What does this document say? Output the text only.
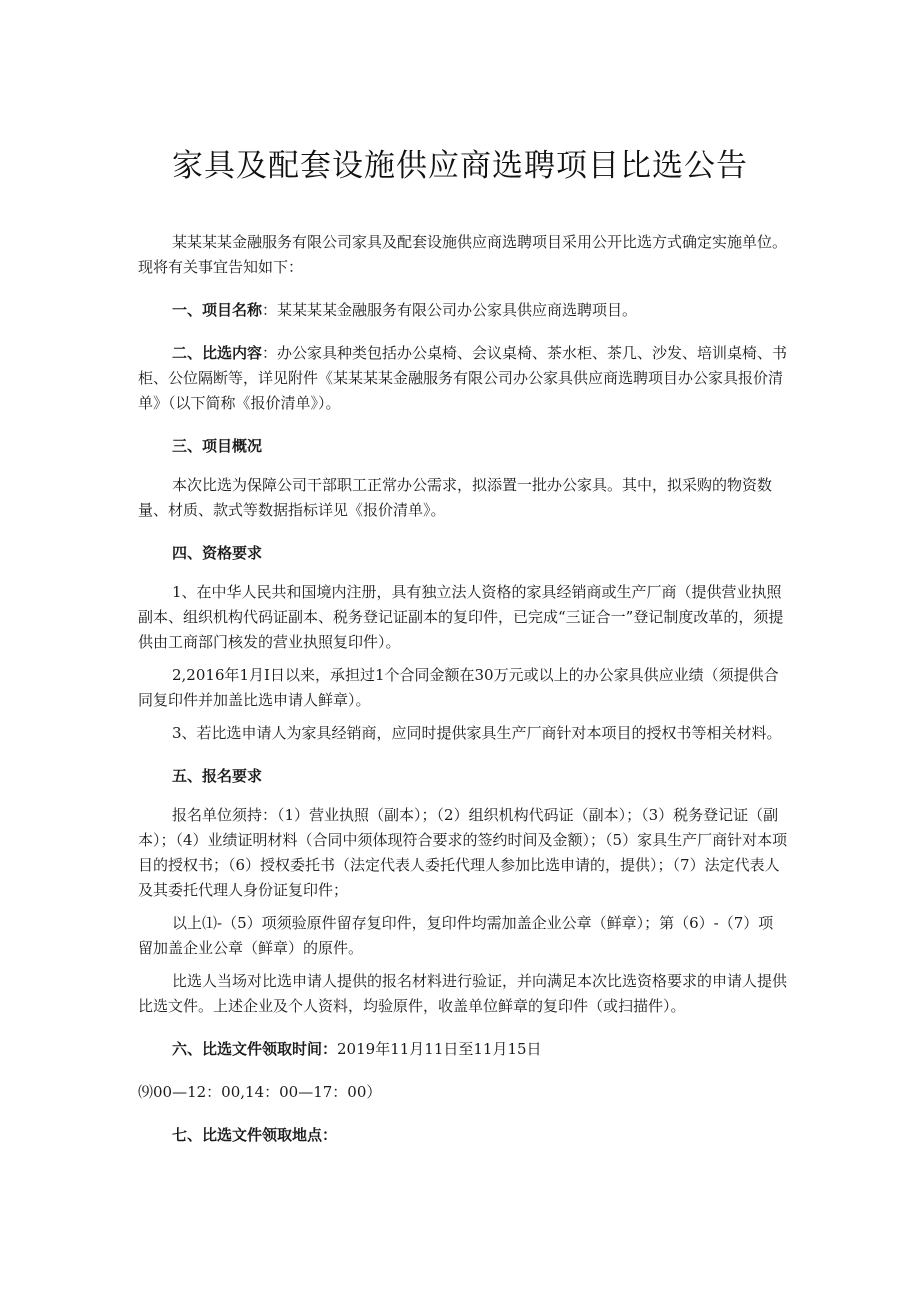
家具及配套设施供应商选聘项目比选公告

某某某某金融服务有限公司家具及配套设施供应商选聘项目采用公开比选方式确定实施单位。现将有关事宜告知如下：

一、项目名称：某某某某金融服务有限公司办公家具供应商选聘项目。

二、比选内容：办公家具种类包括办公桌椅、会议桌椅、茶水柜、茶几、沙发、培训桌椅、书柜、公位隔断等，详见附件《某某某某金融服务有限公司办公家具供应商选聘项目办公家具报价清单》（以下简称《报价清单》）。

三、项目概况

本次比选为保障公司干部职工正常办公需求，拟添置一批办公家具。其中，拟采购的物资数量、材质、款式等数据指标详见《报价清单》。

四、资格要求

1、在中华人民共和国境内注册，具有独立法人资格的家具经销商或生产厂商（提供营业执照副本、组织机构代码证副本、税务登记证副本的复印件，已完成“三证合一”登记制度改革的，须提供由工商部门核发的营业执照复印件）。

2,2016年1月I日以来，承担过1个合同金额在30万元或以上的办公家具供应业绩（须提供合同复印件并加盖比选申请人鲜章）。

3、若比选申请人为家具经销商，应同时提供家具生产厂商针对本项目的授权书等相关材料。

五、报名要求

报名单位须持：（1）营业执照（副本）；（2）组织机构代码证（副本）；（3）税务登记证（副本）；（4）业绩证明材料（合同中须体现符合要求的签约时间及金额）；（5）家具生产厂商针对本项目的授权书；（6）授权委托书（法定代表人委托代理人参加比选申请的，提供）；（7）法定代表人及其委托代理人身份证复印件；

以上⑴-（5）项须验原件留存复印件，复印件均需加盖企业公章（鲜章）；第（6）-（7）项留加盖企业公章（鲜章）的原件。

比选人当场对比选申请人提供的报名材料进行验证，并向满足本次比选资格要求的申请人提供比选文件。上述企业及个人资料，均验原件，收盖单位鲜章的复印件（或扫描件）。

六、比选文件领取时间：2019年11月11日至11月15日

⑼00—12：00,14：00—17：00）

七、比选文件领取地点：
